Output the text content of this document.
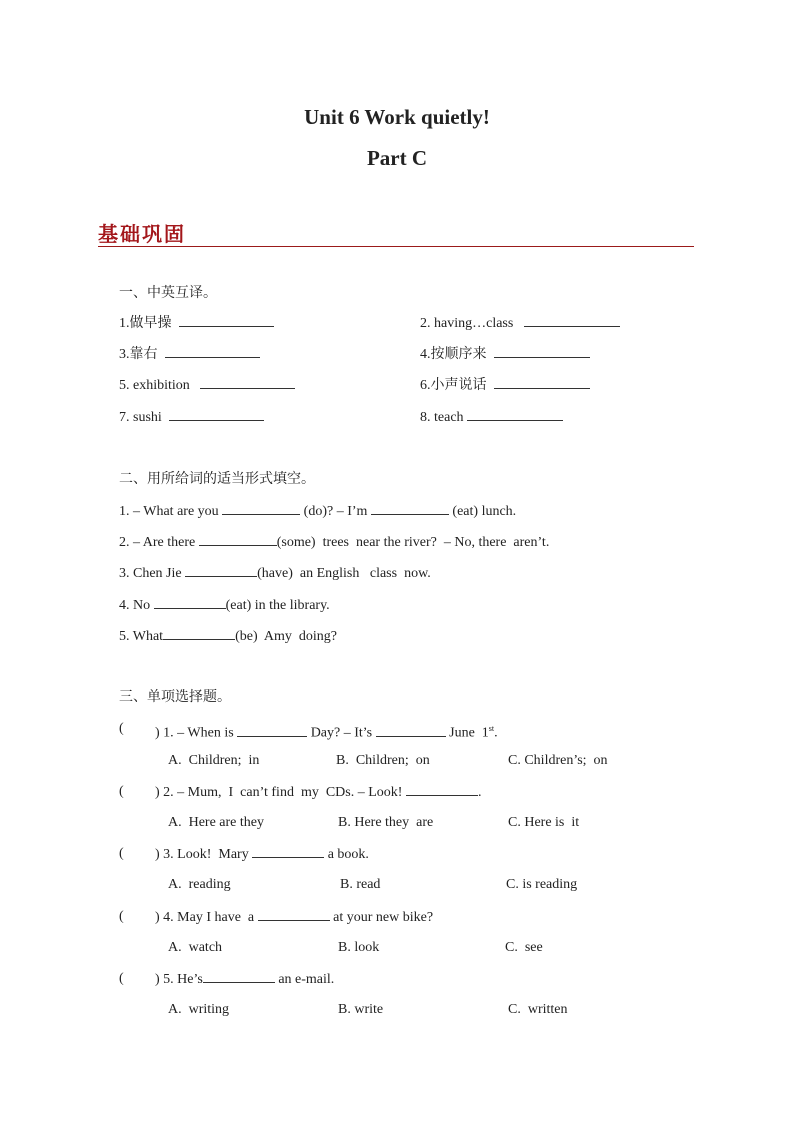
Unit 6 Work quietly!
Part C
基础巩固
一、中英互译。
1.做早操	2. having…class
3.靠右	4.按顺序来
5. exhibition	6.小声说话
7. sushi	8. teach
二、用所给词的适当形式填空。
1. – What are you	(do)? – I’m	(eat) lunch.
2. – Are there	(some)  trees  near the river?  – No, there  aren’t.
3. Chen Jie	(have)  an English   class  now.
4. No	(eat) in the library.
5. What	(be)  Amy  doing?
三、单项选择题。
( ) 1. – When is	Day? – It’s	June  1st.
A.  Children;  in	B.  Children;  on	C. Children’s;  on
( ) 2. – Mum,  I  can’t find  my  CDs. – Look!	.
A.  Here are they	B. Here they  are	C. Here is  it
( ) 3. Look!  Mary	a book.
A.  reading	B. read	C. is reading
( ) 4. May I have  a	at your new bike?
A.  watch	B. look	C.  see
( ) 5. He’s	an e-mail.
A.  writing	B. write	C.  written
